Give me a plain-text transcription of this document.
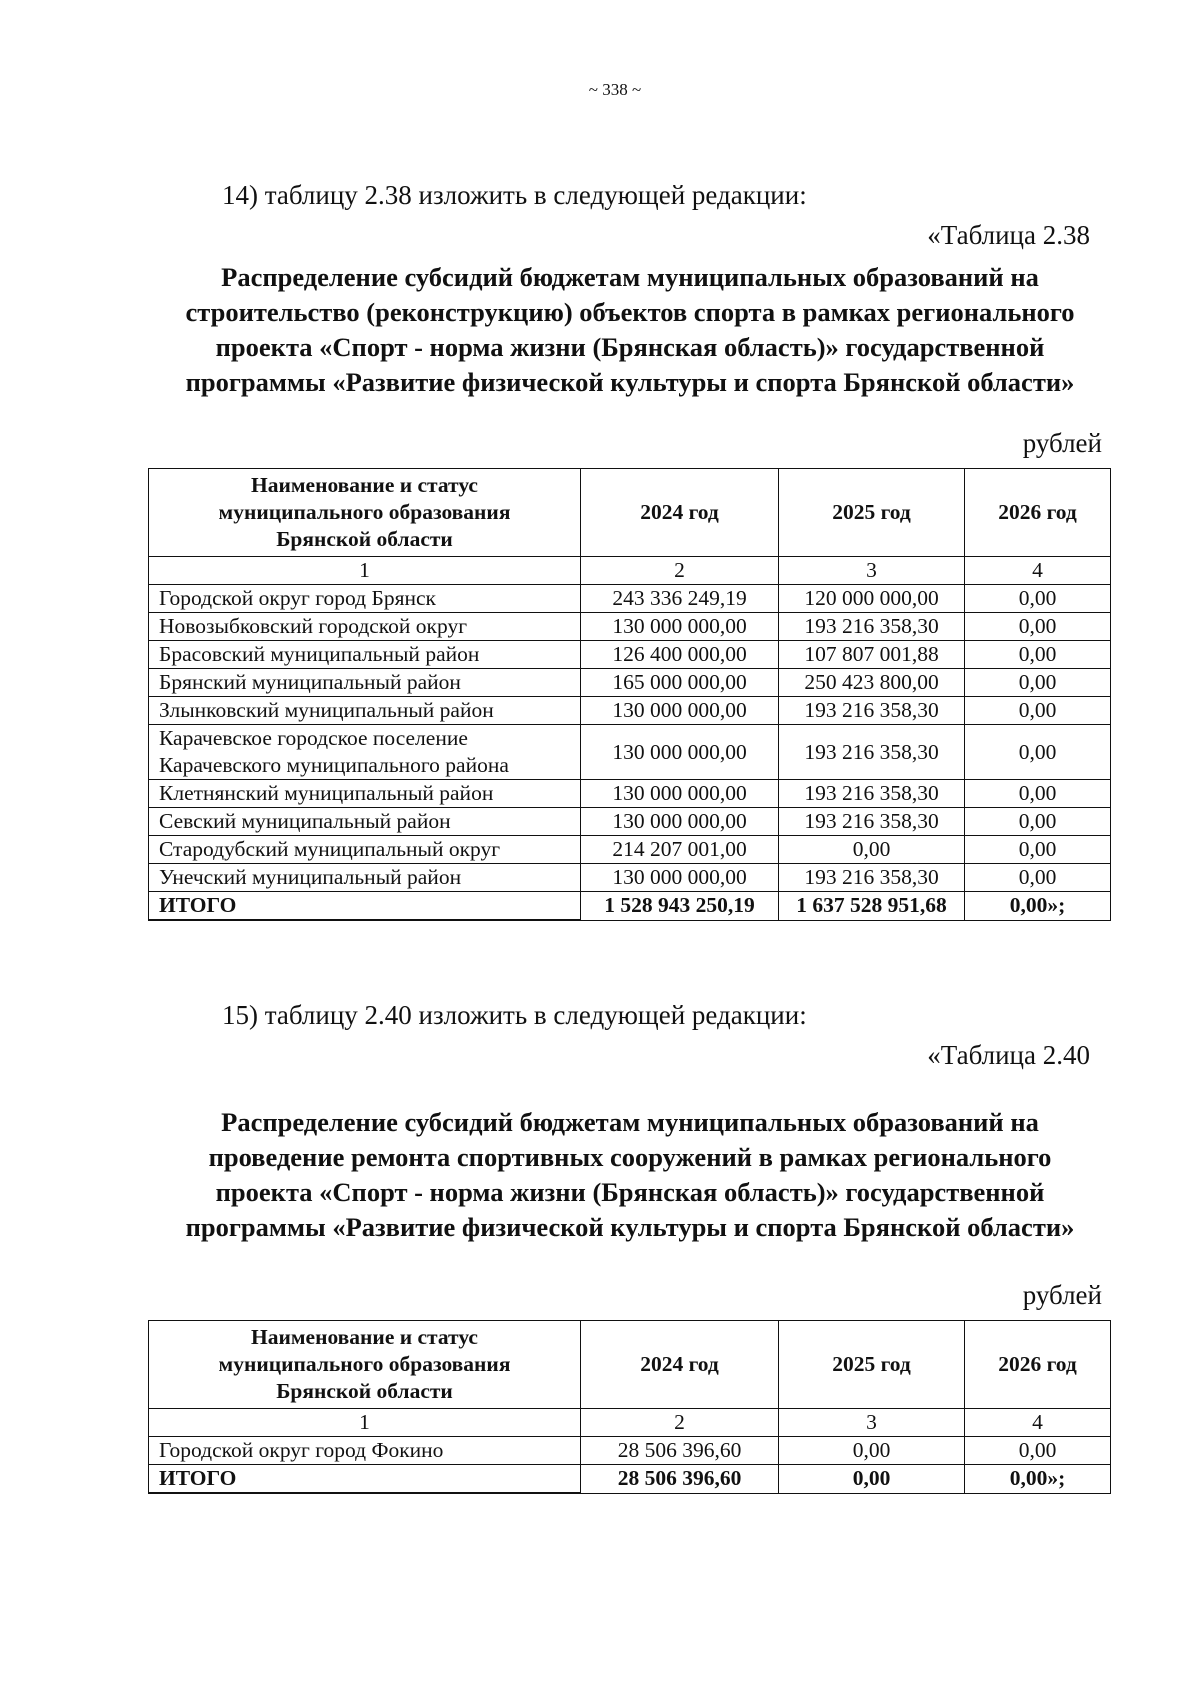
~ 338 ~
14) таблицу 2.38 изложить в следующей редакции:
«Таблица 2.38
Распределение субсидий бюджетам муниципальных образований на
строительство (реконструкцию) объектов спорта в рамках регионального
проекта «Спорт - норма жизни (Брянская область)» государственной
программы «Развитие физической культуры и спорта Брянской области»
рублей
Наименование и статус
муниципального образования
Брянской области	2024 год	2025 год	2026 год
1	2	3	4
Городской округ город Брянск	243 336 249,19	120 000 000,00	0,00
Новозыбковский городской округ	130 000 000,00	193 216 358,30	0,00
Брасовский муниципальный район	126 400 000,00	107 807 001,88	0,00
Брянский муниципальный район	165 000 000,00	250 423 800,00	0,00
Злынковский муниципальный район	130 000 000,00	193 216 358,30	0,00

Карачевское городское поселение
Карачевского муниципального района	130 000 000,00	193 216 358,30	0,00
Клетнянский муниципальный район	130 000 000,00	193 216 358,30	0,00
Севский муниципальный район	130 000 000,00	193 216 358,30	0,00
Стародубский муниципальный округ	214 207 001,00	0,00	0,00
Унечский муниципальный район	130 000 000,00	193 216 358,30	0,00
ИТОГО	1 528 943 250,19	1 637 528 951,68	0,00»;
15) таблицу 2.40 изложить в следующей редакции:
«Таблица 2.40
Распределение субсидий бюджетам муниципальных образований на
проведение ремонта спортивных сооружений в рамках регионального
проекта «Спорт - норма жизни (Брянская область)» государственной
программы «Развитие физической культуры и спорта Брянской области»
рублей
Наименование и статус
муниципального образования
Брянской области	2024 год	2025 год	2026 год
1	2	3	4
Городской округ город Фокино	28 506 396,60	0,00	0,00
ИТОГО	28 506 396,60	0,00	0,00»;
